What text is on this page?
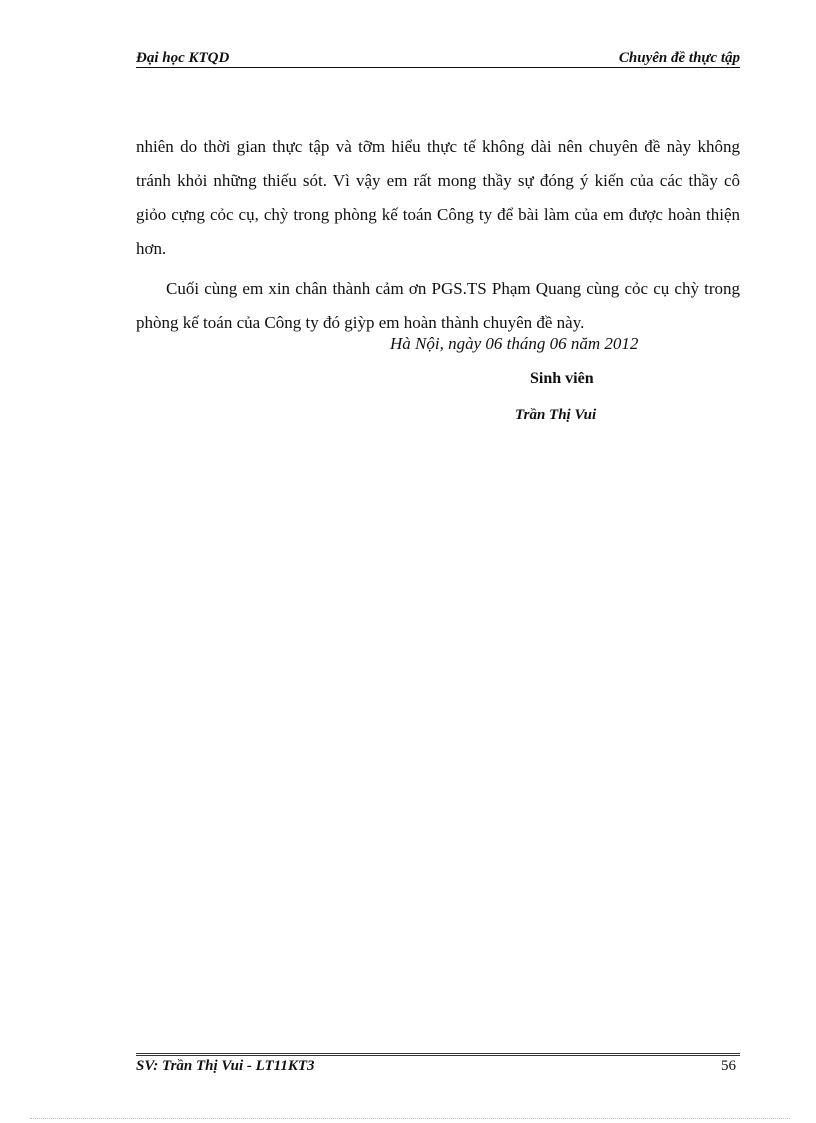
Đại học KTQD	Chuyên đề thực tập

nhiên do thời gian thực tập và tỡm hiểu thực tế không dài nên chuyên đề này không tránh khỏi những thiếu sót. Vì vậy em rất mong thầy sự đóng ý kiến của các thầy cô giỏo cựng cỏc cụ, chỳ trong phòng kế toán Công ty để bài làm của em được hoàn thiện hơn.

Cuối cùng em xin chân thành cảm ơn PGS.TS Phạm Quang cùng cỏc cụ chỳ trong phòng kế toán của Công ty đó giỳp em hoàn thành chuyên đề này.

Hà Nội, ngày 06 tháng 06 năm 2012
Sinh viên
Trần Thị Vui
SV: Trần Thị Vui - LT11KT3	56
